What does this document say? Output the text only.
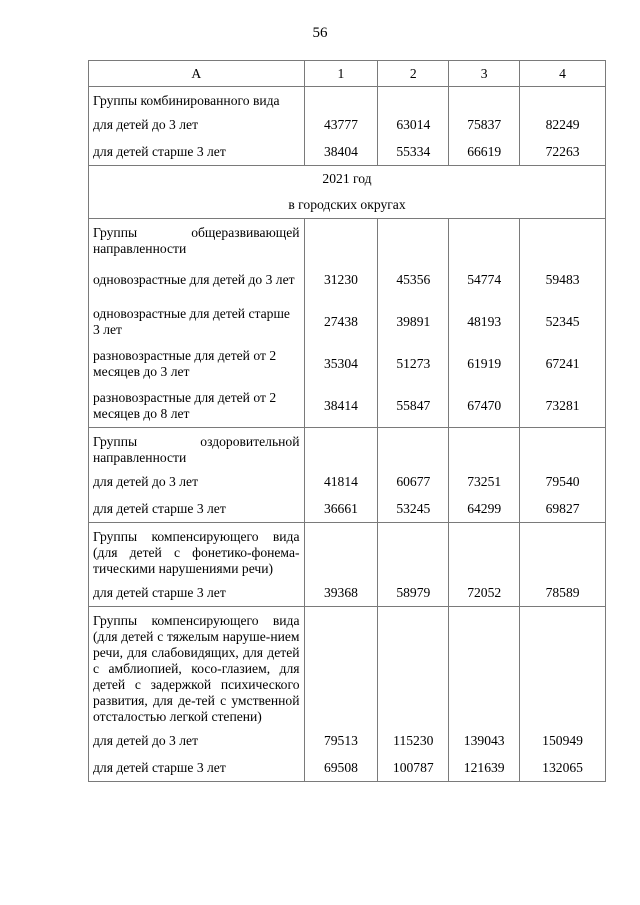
56
А	1	2	3	4
Группы комбинированного вида				
для детей до 3 лет	43777	63014	75837	82249
для детей старше 3 лет	38404	55334	66619	72263
2021 год				
в городских округах				
Группы общеразвивающей направленности				
одновозрастные для детей до 3 лет	31230	45356	54774	59483
одновозрастные для детей старше 3 лет	27438	39891	48193	52345
разновозрастные для детей от 2 месяцев до 3 лет	35304	51273	61919	67241
разновозрастные для детей от 2 месяцев до 8 лет	38414	55847	67470	73281
Группы оздоровительной направленности				
для детей до 3 лет	41814	60677	73251	79540
для детей старше 3 лет	36661	53245	64299	69827
Группы компенсирующего вида (для детей с фонетико-фонема-тическими нарушениями речи)				
для детей старше 3 лет	39368	58979	72052	78589
Группы компенсирующего вида (для детей с тяжелым наруше-нием речи, для слабовидящих, для детей с амблиопией, косо-глазием, для детей с задержкой психического развития, для де-тей с умственной отсталостью легкой степени)				
для детей до 3 лет	79513	115230	139043	150949
для детей старше 3 лет	69508	100787	121639	132065
